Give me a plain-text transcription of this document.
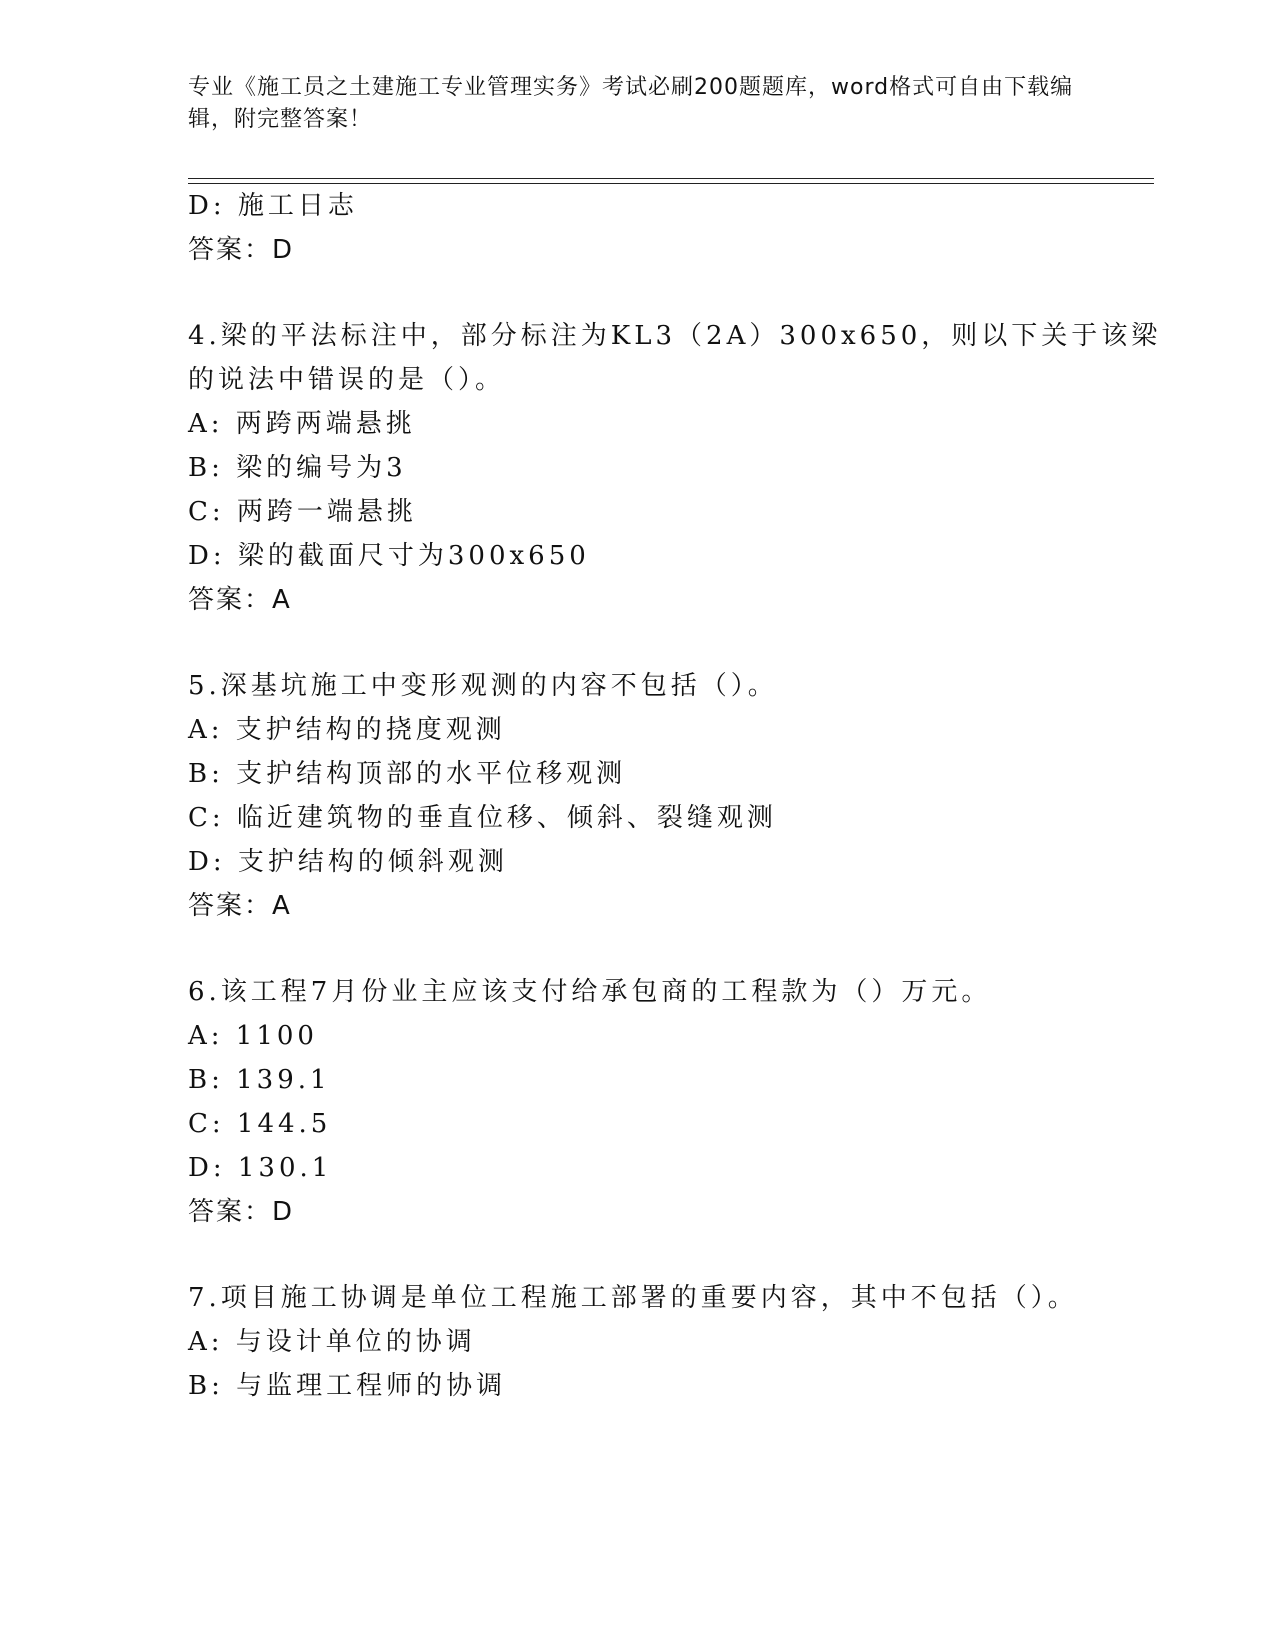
专业《施工员之土建施工专业管理实务》考试必刷200题题库，word格式可自由下载编辑，附完整答案！
D: 施工日志
答案：D
4.梁的平法标注中，部分标注为KL3（2A）300x650，则以下关于该梁
的说法中错误的是（）。
A: 两跨两端悬挑
B: 梁的编号为3
C: 两跨一端悬挑
D: 梁的截面尺寸为300x650
答案：A
5.深基坑施工中变形观测的内容不包括（）。
A: 支护结构的挠度观测
B: 支护结构顶部的水平位移观测
C: 临近建筑物的垂直位移、倾斜、裂缝观测
D: 支护结构的倾斜观测
答案：A
6.该工程7月份业主应该支付给承包商的工程款为（）万元。
A: 1100
B: 139.1
C: 144.5
D: 130.1
答案：D
7.项目施工协调是单位工程施工部署的重要内容，其中不包括（）。
A: 与设计单位的协调
B: 与监理工程师的协调
